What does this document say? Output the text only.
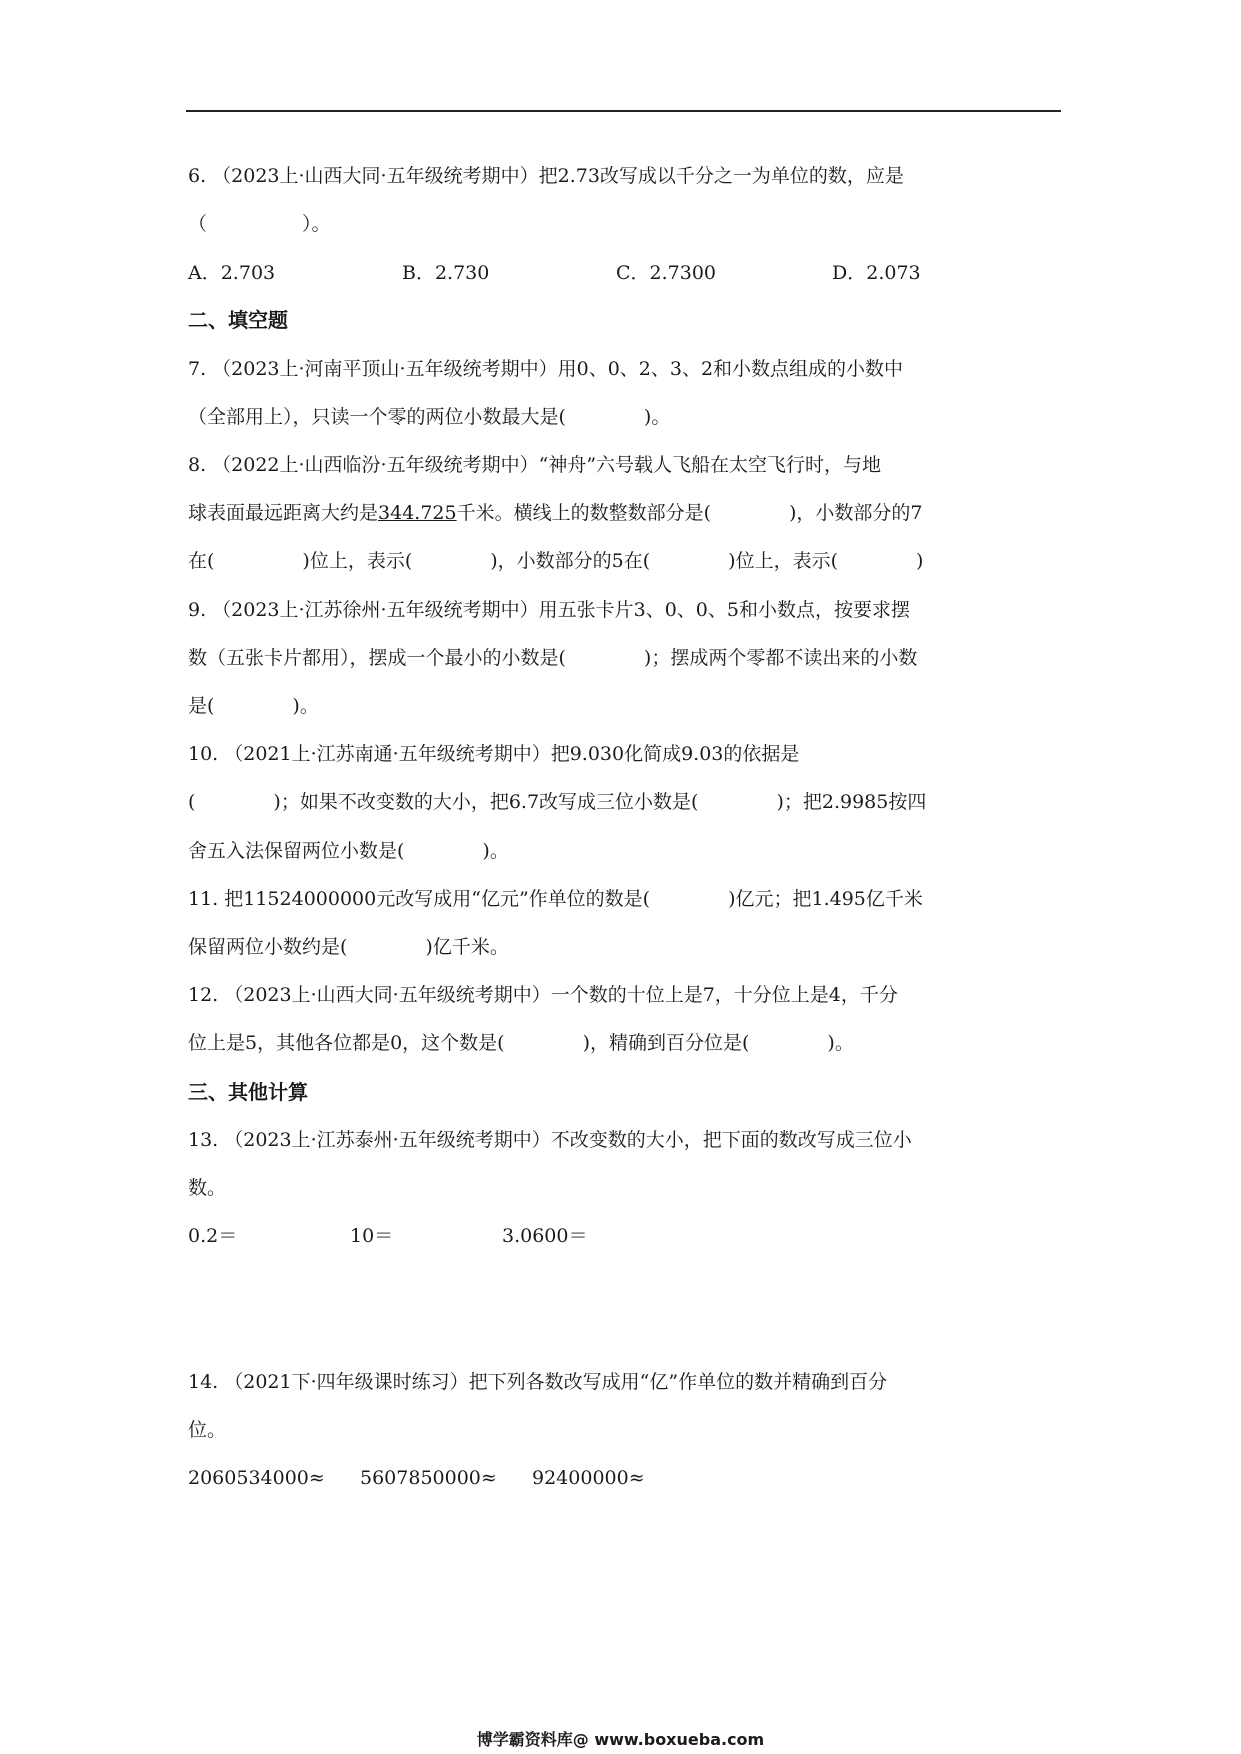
6. （2023上·山西大同·五年级统考期中）把2.73改写成以千分之一为单位的数，应是
（　　　　　）。
A．2.703	B．2.730	C．2.7300	D．2.073
二、填空题
7. （2023上·河南平顶山·五年级统考期中）用0、0、2、3、2和小数点组成的小数中
（全部用上），只读一个零的两位小数最大是(	)。
8. （2022上·山西临汾·五年级统考期中）“神舟”六号载人飞船在太空飞行时，与地
球表面最远距离大约是344.725千米。横线上的数整数部分是(	)，小数部分的7
在(	)位上，表示(	)，小数部分的5在(	)位上，表示(	)
9. （2023上·江苏徐州·五年级统考期中）用五张卡片3、0、0、5和小数点，按要求摆
数（五张卡片都用），摆成一个最小的小数是(	)；摆成两个零都不读出来的小数
是(	)。
10. （2021上·江苏南通·五年级统考期中）把9.030化简成9.03的依据是
(	)；如果不改变数的大小，把6.7改写成三位小数是(	)；把2.9985按四
舍五入法保留两位小数是(	)。
11. 把11524000000元改写成用“亿元”作单位的数是(	)亿元；把1.495亿千米
保留两位小数约是(	)亿千米。
12. （2023上·山西大同·五年级统考期中）一个数的十位上是7，十分位上是4，千分
位上是5，其他各位都是0，这个数是(	)，精确到百分位是(	)。
三、其他计算
13. （2023上·江苏泰州·五年级统考期中）不改变数的大小，把下面的数改写成三位小
数。
0.2＝	10＝	3.0600＝
14. （2021下·四年级课时练习）把下列各数改写成用“亿”作单位的数并精确到百分
位。
2060534000≈ 5607850000≈ 92400000≈
博学霸资料库@ www.boxueba.com
